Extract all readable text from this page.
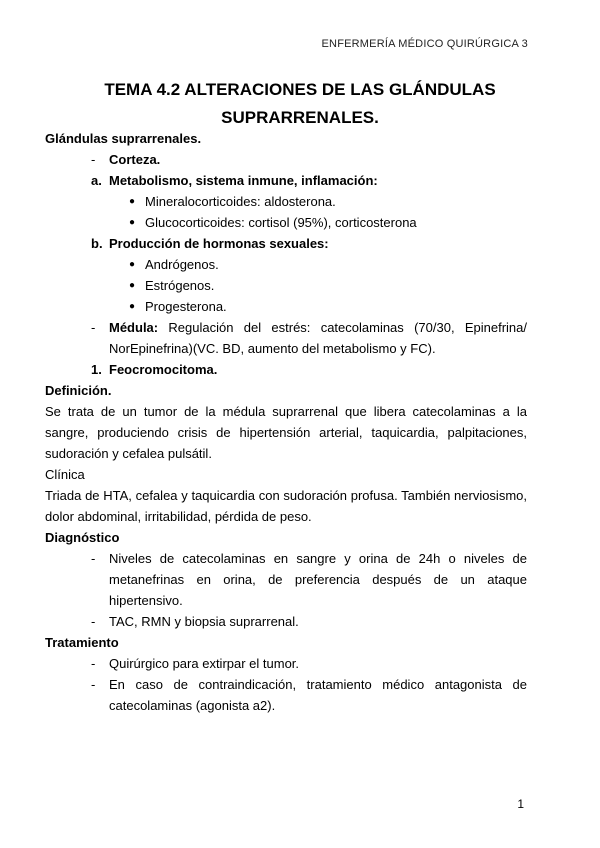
ENFERMERÍA MÉDICO QUIRÚRGICA 3
TEMA 4.2 ALTERACIONES DE LAS GLÁNDULAS
SUPRARRENALES.
Glándulas suprarrenales.
-	Corteza.
a. Metabolismo, sistema inmune, inflamación:
● Mineralocorticoides: aldosterona.
● Glucocorticoides: cortisol (95%), corticosterona
b. Producción de hormonas sexuales:
● Andrógenos.
● Estrógenos.
● Progesterona.
- Médula: Regulación del estrés: catecolaminas (70/30, Epinefrina/
NorEpinefrina)(VC. BD, aumento del metabolismo y FC).
1. Feocromocitoma.
Definición.
Se trata de un tumor de la médula suprarrenal que libera catecolaminas a la sangre, produciendo crisis de hipertensión arterial, taquicardia, palpitaciones, sudoración y cefalea pulsátil.
Clínica
Triada de HTA, cefalea y taquicardia con sudoración profusa. También nerviosismo, dolor abdominal, irritabilidad, pérdida de peso.
Diagnóstico
-	Niveles de catecolaminas en sangre y orina de 24h o niveles de metanefrinas en orina, de preferencia después de un ataque hipertensivo.
-	TAC, RMN y biopsia suprarrenal.
Tratamiento
-	Quirúrgico para extirpar el tumor.
-	En caso de contraindicación, tratamiento médico antagonista de catecolaminas (agonista a2).
1
